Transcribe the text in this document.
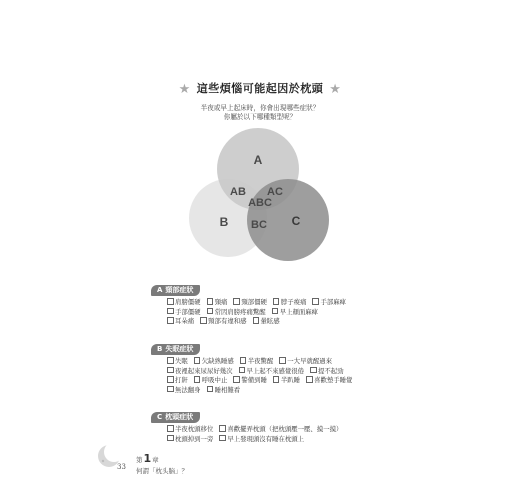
★ 這些煩惱可能起因於枕頭 ★
半夜或早上起床時，你會出現哪些症狀？
你屬於以下哪種類型呢？
A
B	C
AB AC
ABC
BC
A 頸部症狀
肩膀僵硬 頸痛 頸部僵硬 脖子痠痛 手部麻痺
手部僵硬 常因肩膀疼痛驚醒 早上顏面麻痺
耳朵痛 頸部有違和感 暈眩感
B 失眠症狀
失眠 欠缺熟睡感 半夜驚醒 一大早就醒過來
夜裡起來尿尿好幾次 早上起不來感覺很倦 提不起勁
打鼾 呼吸中止 警備到睡 半趴睡 喜歡墊手睡覺
無法翻身 睡相難看
C 枕頭症狀
半夜枕頭移位 喜歡擺弄枕頭（把枕頭壓一壓、摸一摸）
枕頭掉到一旁 早上發現頭沒有睡在枕頭上
33
第1章
何謂「枕头脑」？
